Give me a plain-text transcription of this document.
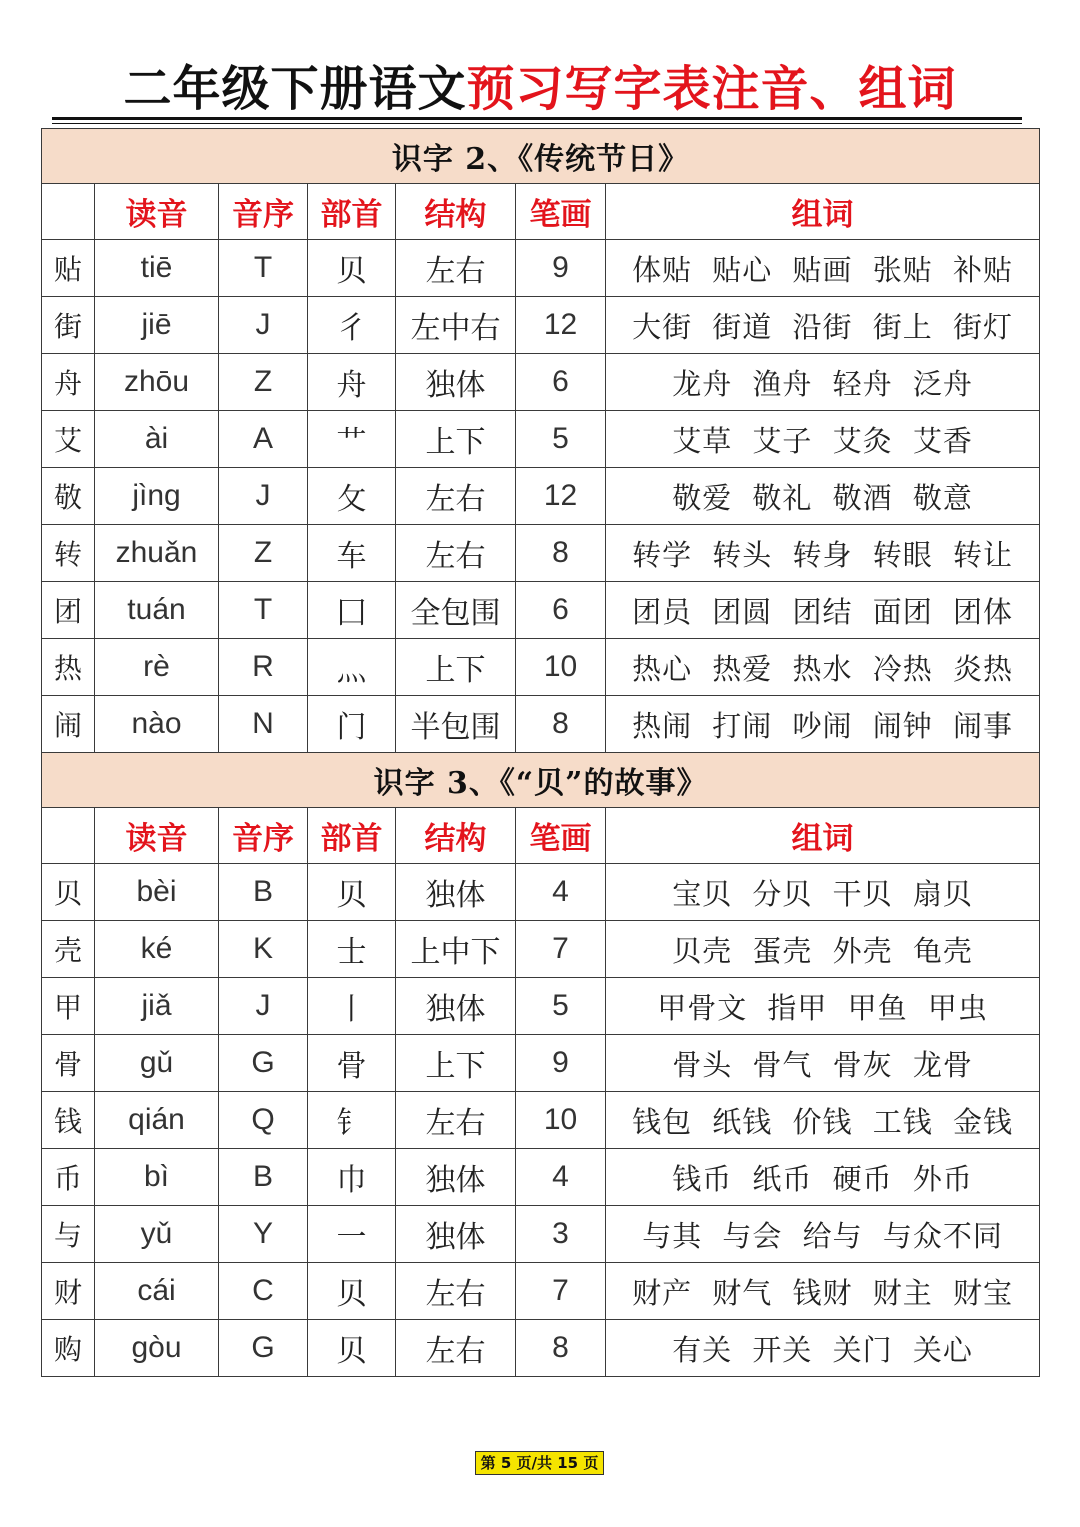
二年级下册语文预习写字表注音、组词
识字 2、《传统节日》						
	读音	音序	部首	结构	笔画	组词
贴	tiē	T	贝	左右	9	体贴 贴心 贴画 张贴 补贴
街	jiē	J	彳	左中右	12	大街 街道 沿街 街上 街灯
舟	zhōu	Z	舟	独体	6	龙舟 渔舟 轻舟 泛舟
艾	ài	A	艹	上下	5	艾草 艾子 艾灸 艾香
敬	jìng	J	攵	左右	12	敬爱 敬礼 敬酒 敬意
转	zhuǎn	Z	车	左右	8	转学 转头 转身 转眼 转让
团	tuán	T	囗	全包围	6	团员 团圆 团结 面团 团体
热	rè	R	灬	上下	10	热心 热爱 热水 冷热 炎热
闹	nào	N	门	半包围	8	热闹 打闹 吵闹 闹钟 闹事
识字 3、《“贝”的故事》						
	读音	音序	部首	结构	笔画	组词
贝	bèi	B	贝	独体	4	宝贝 分贝 干贝 扇贝
壳	ké	K	士	上中下	7	贝壳 蛋壳 外壳 龟壳
甲	jiǎ	J	丨	独体	5	甲骨文 指甲 甲鱼 甲虫
骨	gǔ	G	骨	上下	9	骨头 骨气 骨灰 龙骨
钱	qián	Q	钅	左右	10	钱包 纸钱 价钱 工钱 金钱
币	bì	B	巾	独体	4	钱币 纸币 硬币 外币
与	yǔ	Y	一	独体	3	与其 与会 给与 与众不同
财	cái	C	贝	左右	7	财产 财气 钱财 财主 财宝
购	gòu	G	贝	左右	8	有关 开关 关门 关心
第 5 页/共 15 页
